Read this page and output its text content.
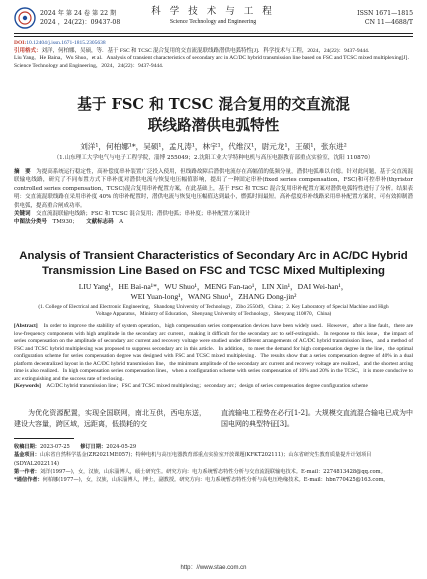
2024 年 第 24 卷 第 22 期
2024 ，24(22)：09437-08
科 学 技 术 与 工 程
Science Technology and Engineering
ISSN 1671—1815
CN 11—4688/T

DOI:10.12404/j.issn.1671-1815.2305638

引用格式：刘洋，何柏娜，吴硕，等．基于 FSC 和 TCSC 混合复用的交直流混联线路潜供电弧特性[J]．科学技术与工程，2024，24(22)：9437-9444.

Liu Yang，He Baina，Wu Shuo，et al．Analysis of transient characteristics of secondary arc in AC/DC hybrid transmission line based on FSC and TCSC mixed multiplexing[J]．Science Technology and Engineering，2024，24(22)：9437-9444.

基于 FSC 和 TCSC 混合复用的交直流混
联线路潜供电弧特性
刘洋¹，何柏娜¹*，吴硕¹，孟凡涛¹，林宇¹，代维汉¹，尉元龙¹，王硕¹，张东进²
（1.山东理工大学电气与电子工程学院，淄博 255049；2.沈阳工业大学特种电机与高压电器教育部重点实验室，沈阳 110870）

摘　要　 为提高系统运行稳定性，高补偿度串补装置广泛投入使用，但线路故障后潜供电流存在高幅值的低频分量，潜供电弧难以自熄。针对此问题，基于交直流混联输电线路，研究了不同布置方式下串补度对潜供电流与恢复电压幅值影响，提出了一种固定串补(fixed series compensation，FSC)和可控串补(thyristor controlled series compensation，TCSC)混合复用串补配置方案，在此基础上，基于 FSC 和 TCSC 混合复用串补配置方案对潜供电弧特性进行了分析。结果表明：交直流混联线路在采用串补度 40% 的串补配置时，潜供电流与恢复电压幅值达到最小，燃弧时间最短。高补偿度串补线路采用串补配置方案时，可有效抑制潜供电弧，提高重合闸成功率。

关键词　 交直流混联输电线路；FSC 和 TCSC 混合复用；潜供电弧；串补度；串补配置方案设计

中图法分类号　 TM930；　　 文献标志码　 A

Analysis of Transient Characteristics of Secondary Arc in AC/DC Hybrid
Transmission Line Based on FSC and TCSC Mixed Multiplexing
LIU Yang¹，HE Bai-na¹*，WU Shuo¹，MENG Fan-tao¹，LIN Xin¹，DAI Wei-han¹，
WEI Yuan-long¹，WANG Shuo¹，ZHANG Dong-jin²
(1. College of Electrical and Electronic Engineering，Shandong University of Technology，Zibo 255049，China；2. Key Laboratory of Special Machine and High Voltage Apparatus，Ministry of Education，Shenyang University of Technology，Shenyang 110870，China)

[Abstract]　 In order to improve the stability of system operation，high compensation series compensation devices have been widely used．However，after a line fault，there are low-frequency components with high amplitude in the secondary arc current，making it difficult for the secondary arc to self-extinguish．In response to this issue，the impact of series compensation on the amplitude of secondary arc current and recovery voltage were studied under different arrangements of AC/DC hybrid transmission lines，and a method of FSC and TCSC hybrid multiplexing was proposed to suppress secondary arc in this article．In addition，to meet the demand for high compensation degree in the line，the optimal configuration scheme for series compensation degree was designed with FSC and TCSC mixed multiplexing．The results show that a series compensation degree of 40% in a dual platform decentralized layout in the AC/DC hybrid transmission line，the minimum amplitude of the secondary arc current and recovery voltage are realized，and the shortest arcing time is also realized．In high compensation series compensation lines，when a configuration scheme with series compensation of 10% and 20% in the TCSC，it is more conducive to arc extinguishing and the success rate of reclosing．

[Keywords]　 AC/DC hybrid transmission line；FSC and TCSC mixed multiplexing；secondary arc；design of series compensation degree configuration scheme

为优化资源配置，实现全国联网，南北互供，西电东送，建设大容量，跨区域，远距离，低损耗的交

直流输电工程势在必行[1-2]。大规模交直流混合输电已成为中国电网的典型特征[3]。

收稿日期：2023-07-25　　 修订日期：2024-05-29

基金项目：山东省自然科学基金(ZR2021ME057)；特种电机与高压电器教育部重点实验室开放课题(KFKT202111)；山东省研究生教育质量提升计划项目(SDYAL2022114)

第一作者：刘洋(1997—)，女，汉族，山东淄博人，硕士研究生。研究方向：电力系统暂态特性分析与交直流混联输电技术。E-mail：2274813428@qq.com。

*通信作者：何柏娜(1977—)，女，汉族，山东淄博人，博士，副教授。研究方向：电力系统暂态特性分析与高电压绝缘技术。E-mail：hbn770425@163.com。

http：//www.stae.com.cn
